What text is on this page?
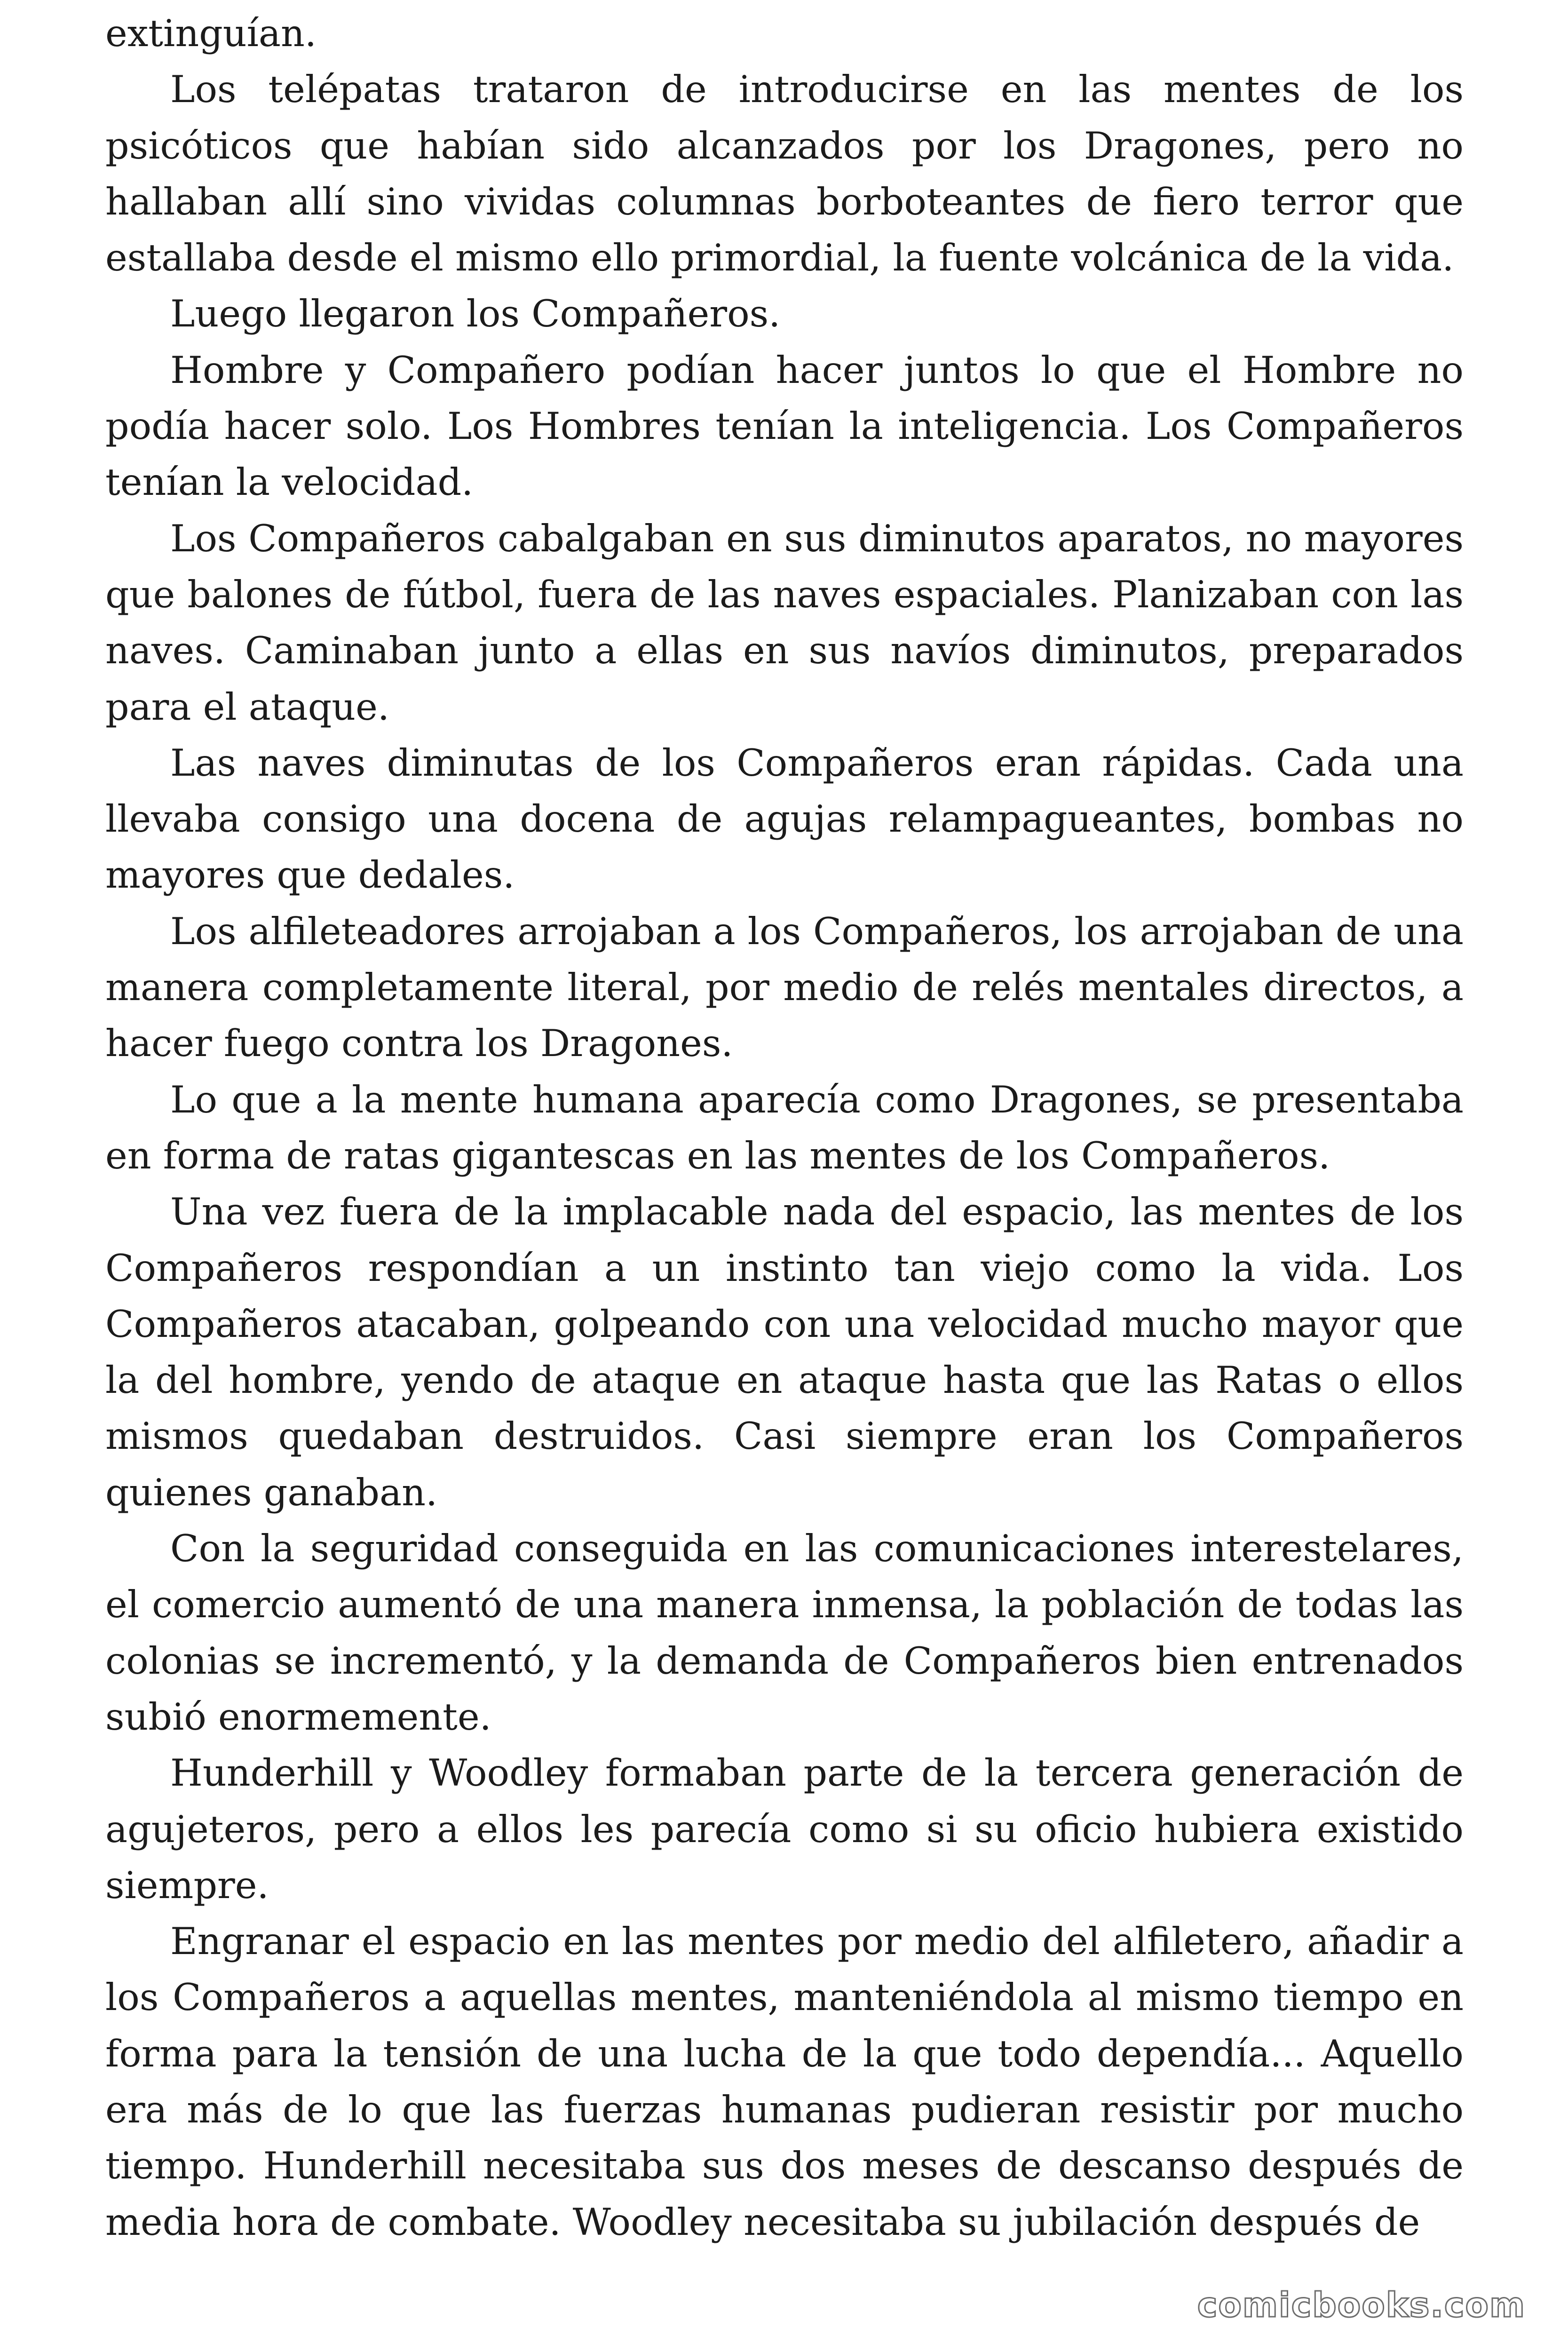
extinguían.

Los telépatas trataron de introducirse en las mentes de los psicóticos que habían sido alcanzados por los Dragones, pero no hallaban allí sino vividas columnas borboteantes de fiero terror que estallaba desde el mismo ello primordial, la fuente volcánica de la vida.

Luego llegaron los Compañeros.

Hombre y Compañero podían hacer juntos lo que el Hombre no podía hacer solo. Los Hombres tenían la inteligencia. Los Compañeros tenían la velocidad.

Los Compañeros cabalgaban en sus diminutos aparatos, no mayores que balones de fútbol, fuera de las naves espaciales. Planizaban con las naves. Caminaban junto a ellas en sus navíos diminutos, preparados para el ataque.

Las naves diminutas de los Compañeros eran rápidas. Cada una llevaba consigo una docena de agujas relampagueantes, bombas no mayores que dedales.

Los alfileteadores arrojaban a los Compañeros, los arrojaban de una manera completamente literal, por medio de relés mentales directos, a hacer fuego contra los Dragones.

Lo que a la mente humana aparecía como Dragones, se presentaba en forma de ratas gigantescas en las mentes de los Compañeros.

Una vez fuera de la implacable nada del espacio, las mentes de los Compañeros respondían a un instinto tan viejo como la vida. Los Compañeros atacaban, golpeando con una velocidad mucho mayor que la del hombre, yendo de ataque en ataque hasta que las Ratas o ellos mismos quedaban destruidos. Casi siempre eran los Compañeros quienes ganaban.

Con la seguridad conseguida en las comunicaciones interestelares, el comercio aumentó de una manera inmensa, la población de todas las colonias se incrementó, y la demanda de Compañeros bien entrenados subió enormemente.

Hunderhill y Woodley formaban parte de la tercera generación de agujeteros, pero a ellos les parecía como si su oficio hubiera existido siempre.

Engranar el espacio en las mentes por medio del alfiletero, añadir a los Compañeros a aquellas mentes, manteniéndola al mismo tiempo en forma para la tensión de una lucha de la que todo dependía... Aquello era más de lo que las fuerzas humanas pudieran resistir por mucho tiempo. Hunderhill necesitaba sus dos meses de descanso después de media hora de combate. Woodley necesitaba su jubilación después de

comicbooks.com
